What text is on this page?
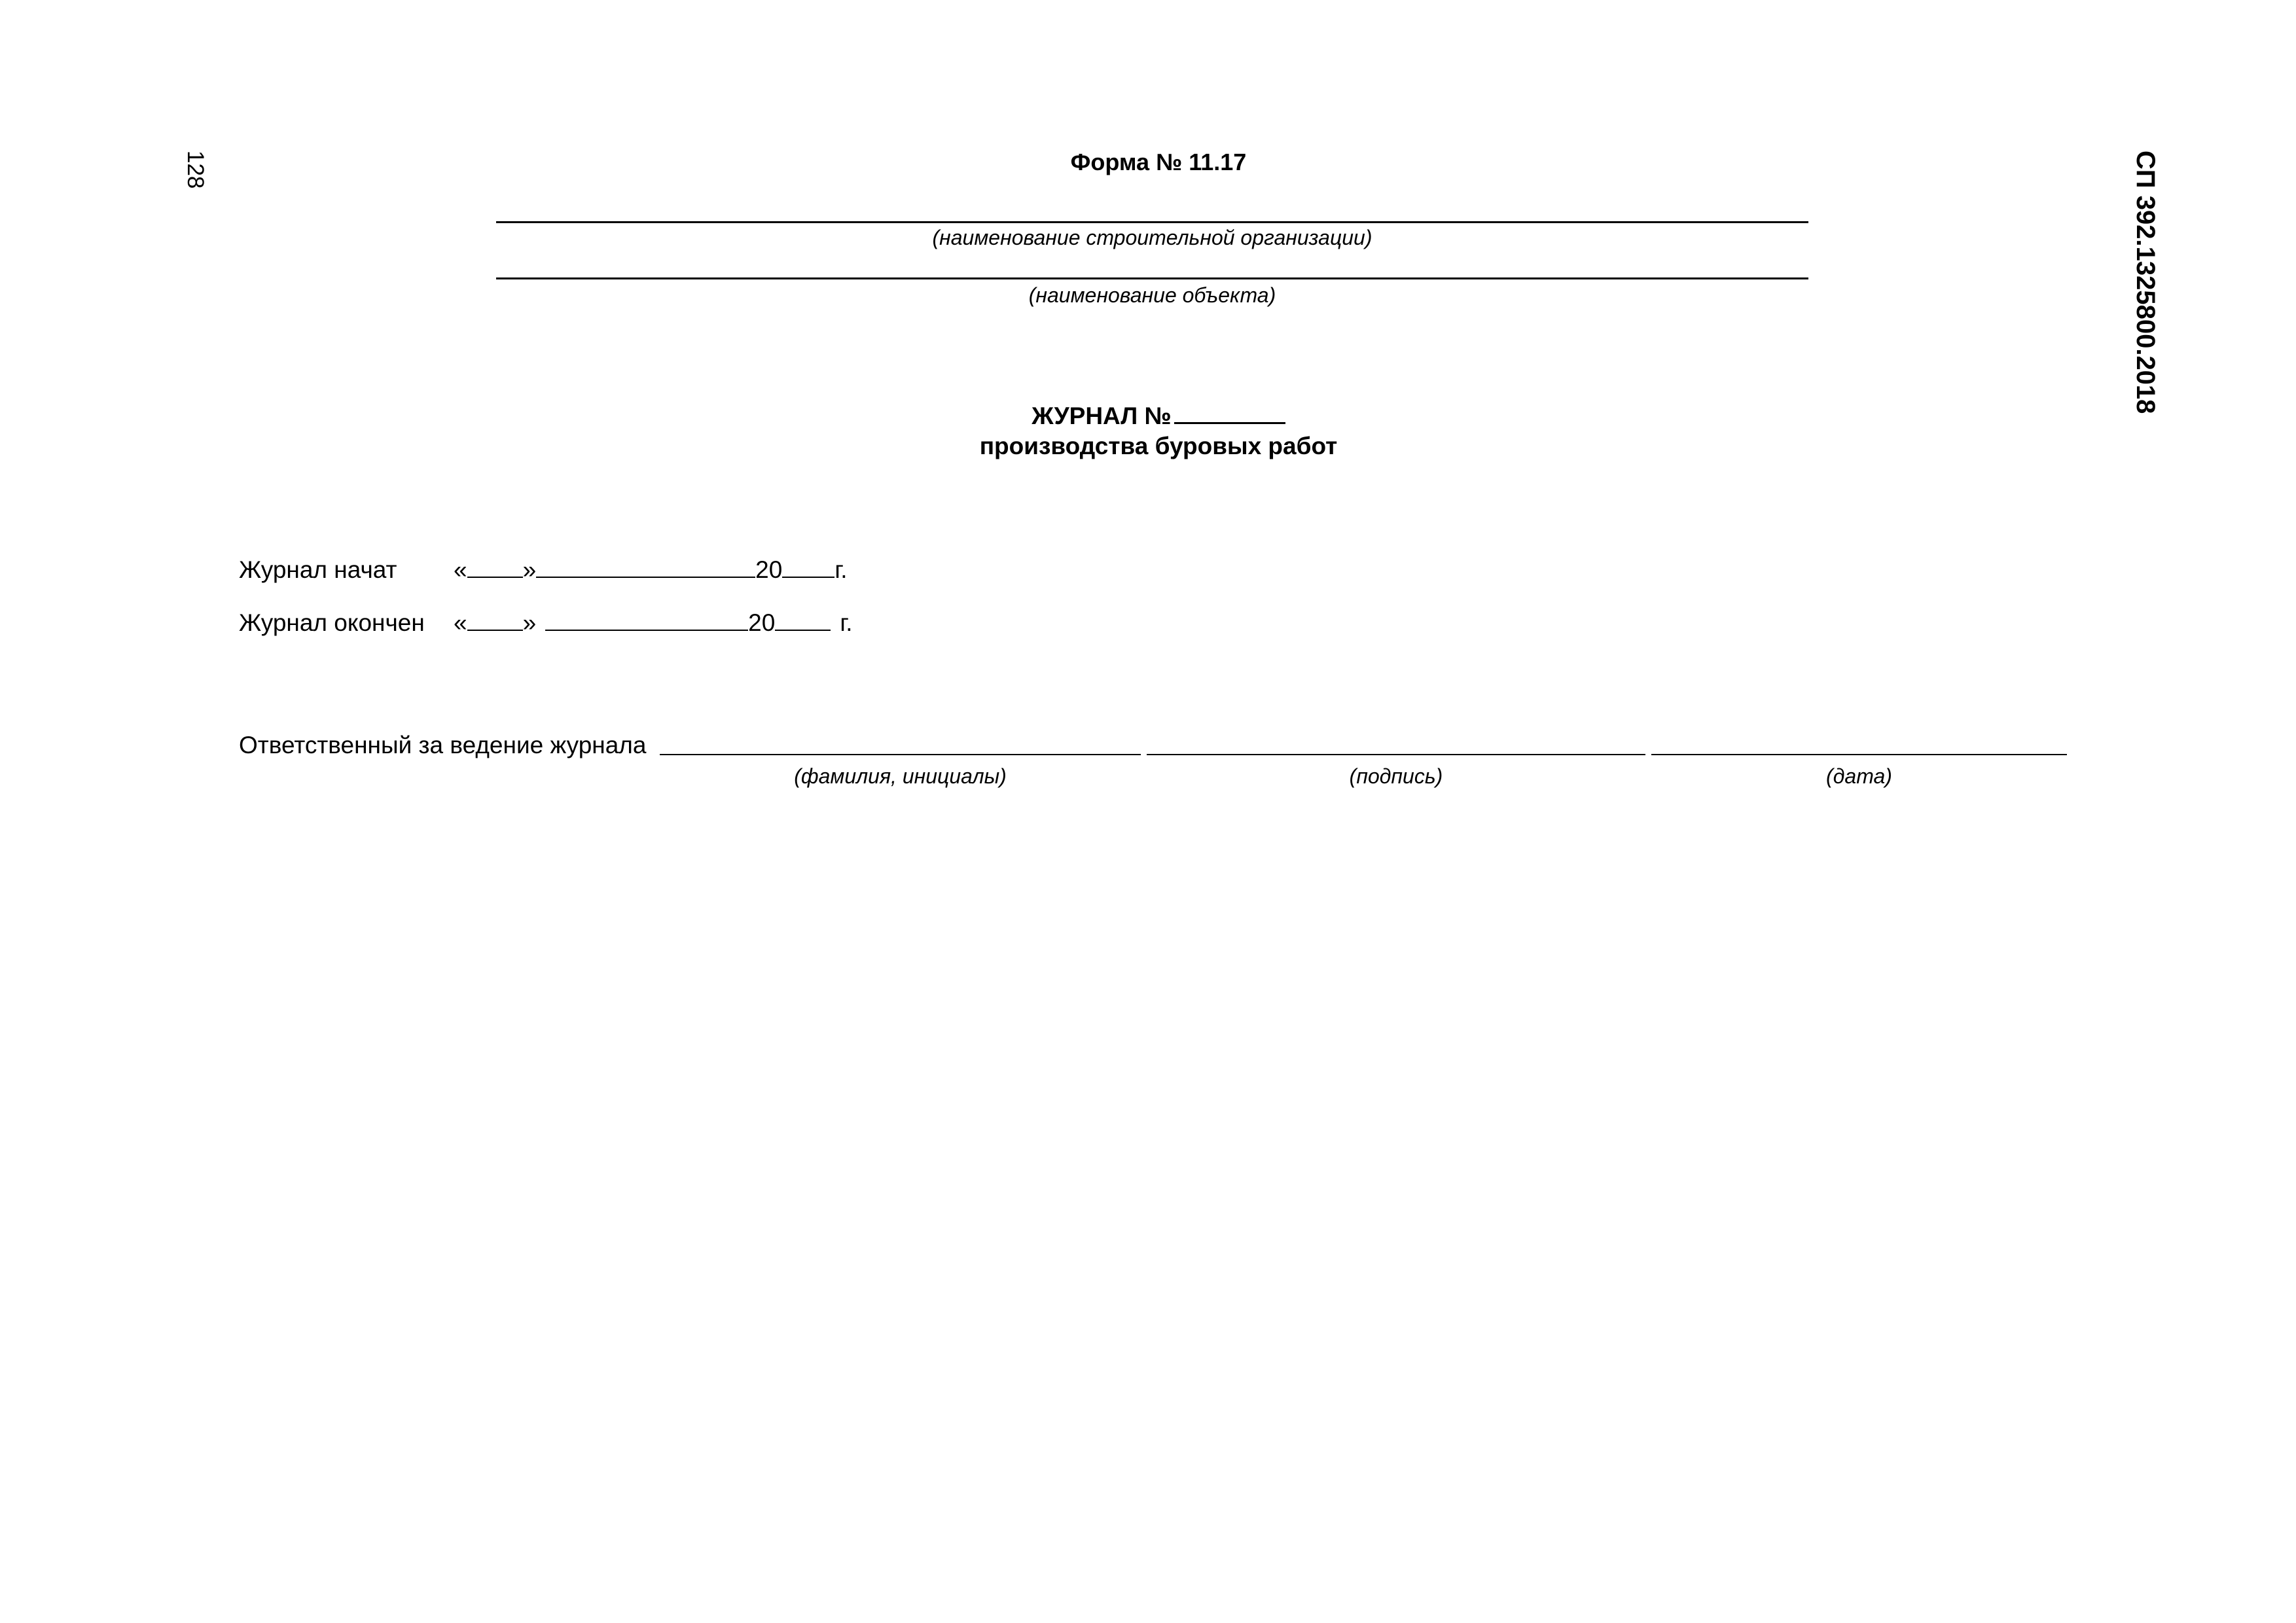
128	СП 392.1325800.2018
Форма № 11.17
(наименование строительной организации)
(наименование объекта)
ЖУРНАЛ №
производства буровых работ
Журнал начат « »	20 г.
Журнал окончен « »	20	г.
Ответственный за ведение журнала
(фамилия, инициалы)	(подпись)	(дата)
